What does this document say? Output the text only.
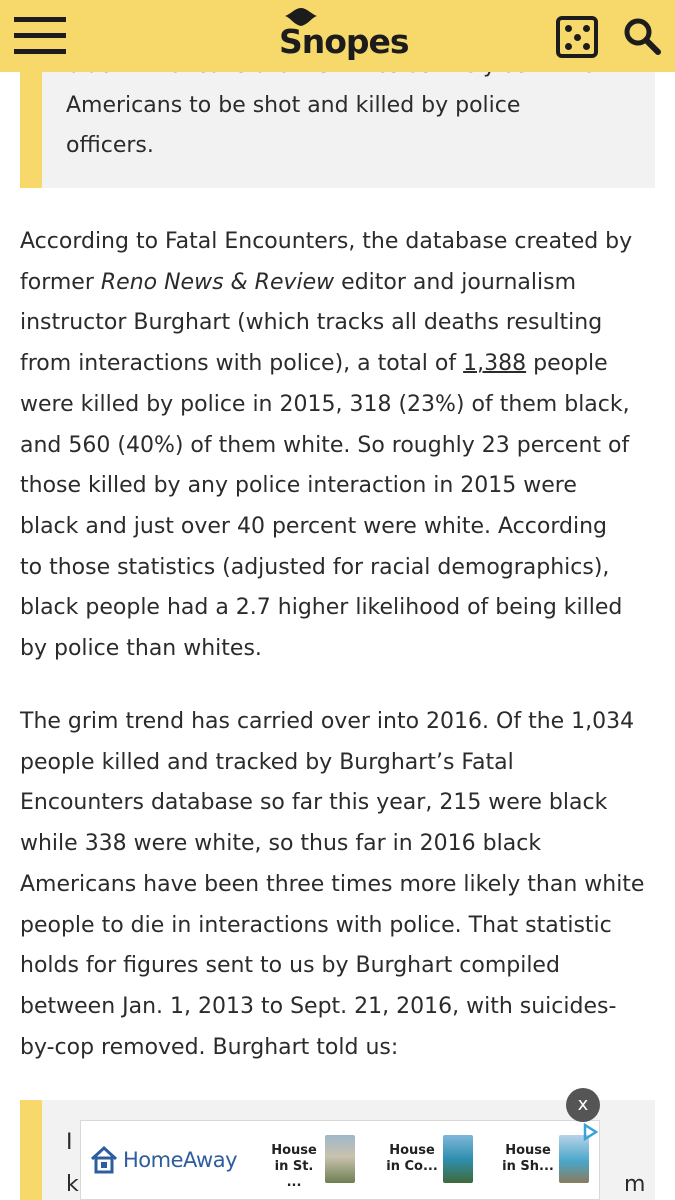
Snopes
Americans to be shot and killed by police
officers.
According to Fatal Encounters, the database created by
former Reno News & Review editor and journalism
instructor Burghart (which tracks all deaths resulting
from interactions with police), a total of 1,388 people
were killed by police in 2015, 318 (23%) of them black,
and 560 (40%) of them white. So roughly 23 percent of
those killed by any police interaction in 2015 were
black and just over 40 percent were white. According
to those statistics (adjusted for racial demographics),
black people had a 2.7 higher likelihood of being killed
by police than whites.
The grim trend has carried over into 2016. Of the 1,034
people killed and tracked by Burghart’s Fatal
Encounters database so far this year, 215 were black
while 338 were white, so thus far in 2016 black
Americans have been three times more likely than white
people to die in interactions with police. That statistic
holds for figures sent to us by Burghart compiled
between Jan. 1, 2013 to Sept. 21, 2016, with suicides-
by-cop removed. Burghart told us:
I
k	m
x
HomeAway	House
in St. ...
House
in Co...
House
in Sh...
